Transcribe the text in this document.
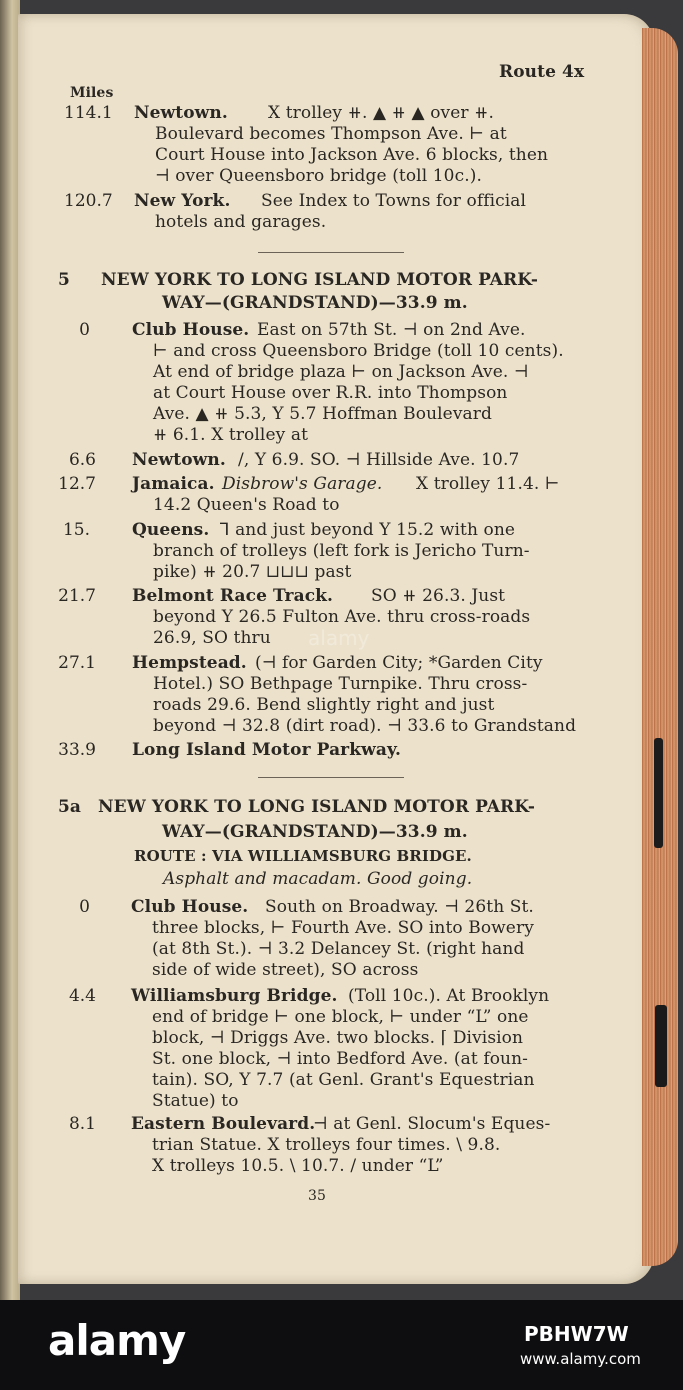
Route 4x
Miles
114.1 Newtown. X trolley ⧺. ▲ ⧺ ▲ over ⧺.
Boulevard becomes Thompson Ave. ⊢ at
Court House into Jackson Ave. 6 blocks, then
⊣ over Queensboro bridge (toll 10c.).
120.7 New York. See Index to Towns for official
hotels and garages.
5 NEW YORK TO LONG ISLAND MOTOR PARK-
WAY—(GRANDSTAND)—33.9 m.
0 Club House. East on 57th St. ⊣ on 2nd Ave.
⊢ and cross Queensboro Bridge (toll 10 cents).
At end of bridge plaza ⊢ on Jackson Ave. ⊣
at Court House over R.R. into Thompson
Ave. ▲ ⧺ 5.3, Y 5.7 Hoffman Boulevard
⧺ 6.1. X trolley at
6.6 Newtown. /, Y 6.9. SO. ⊣ Hillside Ave. 10.7
12.7 Jamaica. Disbrow's Garage. X trolley 11.4. ⊢
14.2 Queen's Road to
15. Queens. ⅂ and just beyond Y 15.2 with one
branch of trolleys (left fork is Jericho Turn-
pike) ⧺ 20.7 ⊔⊔⊔ past
21.7 Belmont Race Track. SO ⧺ 26.3. Just
beyond Y 26.5 Fulton Ave. thru cross-roads
26.9, SO thru
27.1 Hempstead. (⊣ for Garden City; *Garden City
Hotel.) SO Bethpage Turnpike. Thru cross-
roads 29.6. Bend slightly right and just
beyond ⊣ 32.8 (dirt road). ⊣ 33.6 to Grandstand
33.9 Long Island Motor Parkway.
5a NEW YORK TO LONG ISLAND MOTOR PARK-
WAY—(GRANDSTAND)—33.9 m.
ROUTE : VIA WILLIAMSBURG BRIDGE.
Asphalt and macadam. Good going.
0 Club House. South on Broadway. ⊣ 26th St.
three blocks, ⊢ Fourth Ave. SO into Bowery
(at 8th St.). ⊣ 3.2 Delancey St. (right hand
side of wide street), SO across
4.4 Williamsburg Bridge. (Toll 10c.). At Brooklyn
end of bridge ⊢ one block, ⊢ under “L” one
block, ⊣ Driggs Ave. two blocks. ⌈ Division
St. one block, ⊣ into Bedford Ave. (at foun-
tain). SO, Y 7.7 (at Genl. Grant's Equestrian
Statue) to
8.1 Eastern Boulevard.
⊣ at Genl. Slocum's Eques-
trian Statue. X trolleys four times. \ 9.8.
X trolleys 10.5. \ 10.7. / under “L”
35
alamy
alamy	PBHW7W
www.alamy.com
